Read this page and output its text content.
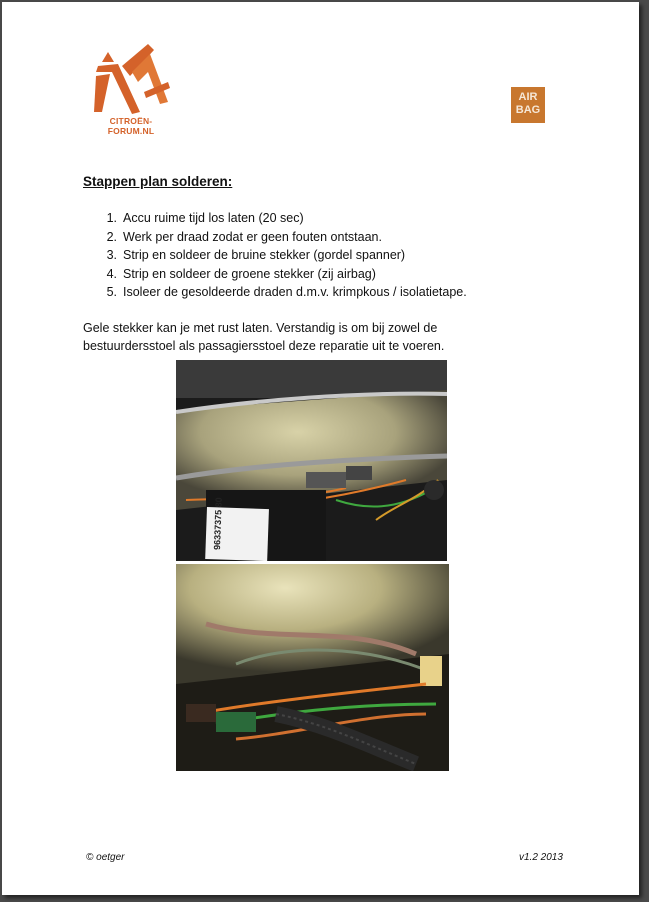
CITROËN-FORUM.NL
AIR
BAG
Stappen plan solderen:
1. Accu ruime tijd los laten (20 sec)
2. Werk per draad zodat er geen fouten ontstaan.
3. Strip en soldeer de bruine stekker (gordel spanner)
4. Strip en soldeer de groene stekker (zij airbag)
5. Isoleer de gesoldeerde draden d.m.v. krimpkous / isolatietape.

Gele stekker kan je met rust laten. Verstandig is om bij zowel de bestuurdersstoel als passagiersstoel deze reparatie uit te voeren.

96337375 80
© oetger	v1.2 2013
